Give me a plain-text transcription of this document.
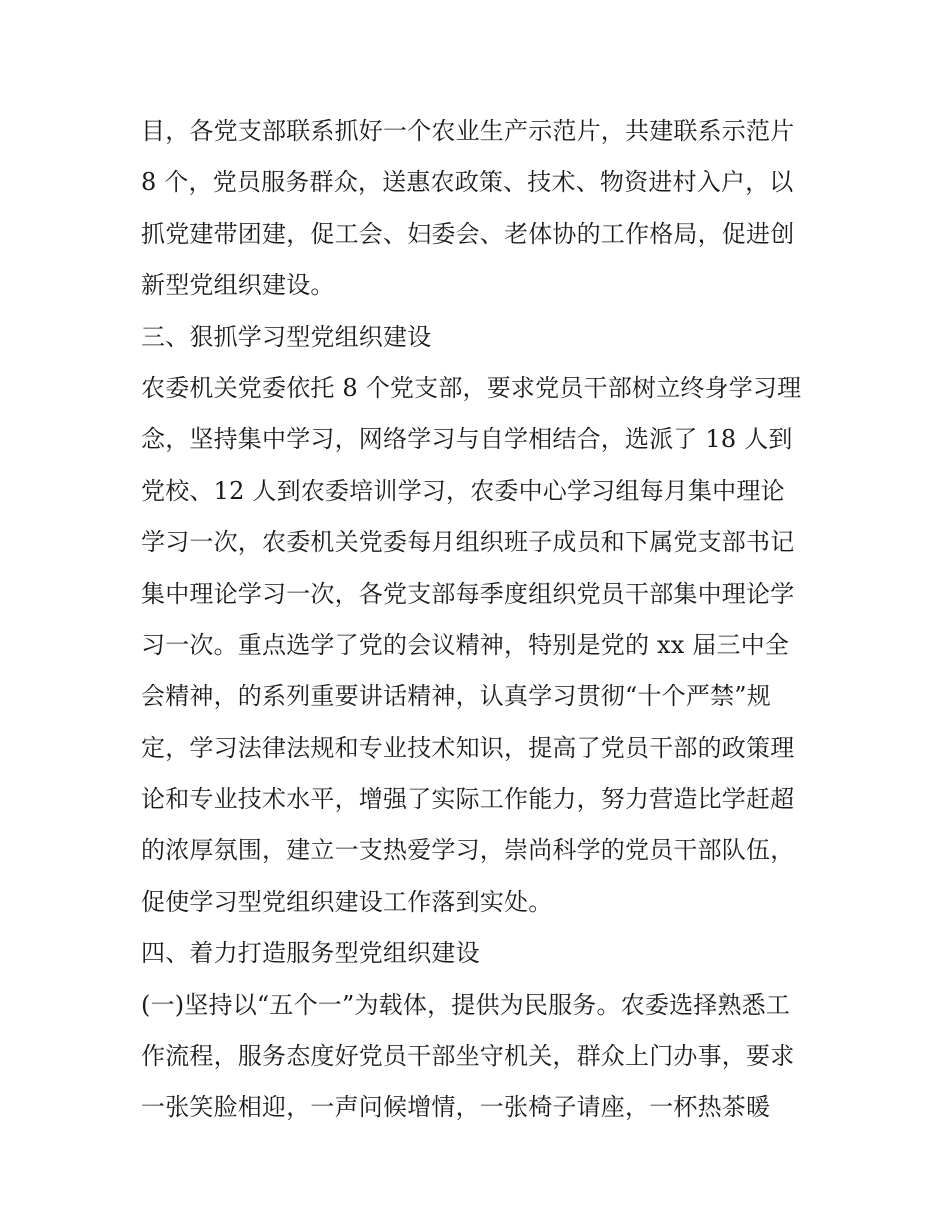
目，各党支部联系抓好一个农业生产示范片，共建联系示范片
8 个，党员服务群众，送惠农政策、技术、物资进村入户，以
抓党建带团建，促工会、妇委会、老体协的工作格局，促进创
新型党组织建设。
三、狠抓学习型党组织建设
农委机关党委依托 8 个党支部，要求党员干部树立终身学习理
念，坚持集中学习，网络学习与自学相结合，选派了 18 人到
党校、12 人到农委培训学习，农委中心学习组每月集中理论
学习一次，农委机关党委每月组织班子成员和下属党支部书记
集中理论学习一次，各党支部每季度组织党员干部集中理论学
习一次。重点选学了党的会议精神，特别是党的 xx 届三中全
会精神，的系列重要讲话精神，认真学习贯彻“十个严禁”规
定，学习法律法规和专业技术知识，提高了党员干部的政策理
论和专业技术水平，增强了实际工作能力，努力营造比学赶超
的浓厚氛围，建立一支热爱学习，崇尚科学的党员干部队伍，
促使学习型党组织建设工作落到实处。
四、着力打造服务型党组织建设
(一)坚持以“五个一”为载体，提供为民服务。农委选择熟悉工
作流程，服务态度好党员干部坐守机关，群众上门办事，要求
一张笑脸相迎，一声问候增情，一张椅子请座，一杯热茶暖
